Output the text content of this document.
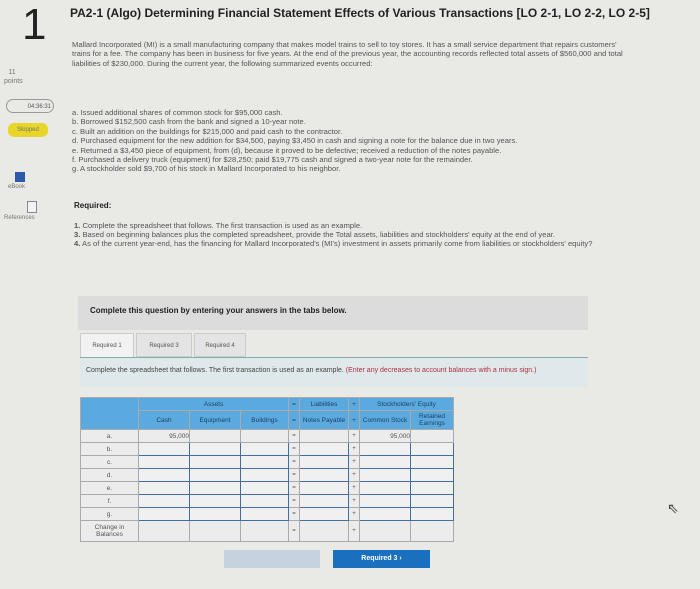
1
11
points
04:36:31
Skipped
eBook
References
PA2-1 (Algo) Determining Financial Statement Effects of Various Transactions [LO 2-1, LO 2-2, LO 2-5]
Mallard Incorporated (MI) is a small manufacturing company that makes model trains to sell to toy stores. It has a small service department that repairs customers' trains for a fee. The company has been in business for five years. At the end of the previous year, the accounting records reflected total assets of $560,000 and total liabilities of $230,000. During the current year, the following summarized events occurred:
a. Issued additional shares of common stock for $95,000 cash.
b. Borrowed $152,500 cash from the bank and signed a 10-year note.
c. Built an addition on the buildings for $215,000 and paid cash to the contractor.
d. Purchased equipment for the new addition for $34,500, paying $3,450 in cash and signing a note for the balance due in two years.
e. Returned a $3,450 piece of equipment, from (d), because it proved to be defective; received a reduction of the notes payable.
f. Purchased a delivery truck (equipment) for $28,250; paid $19,775 cash and signed a two-year note for the remainder.
g. A stockholder sold $9,700 of his stock in Mallard Incorporated to his neighbor.
Required:
1. Complete the spreadsheet that follows. The first transaction is used as an example.
3. Based on beginning balances plus the completed spreadsheet, provide the Total assets, liabilities and stockholders' equity at the end of year.
4. As of the current year-end, has the financing for Mallard Incorporated's (MI's) investment in assets primarily come from liabilities or stockholders' equity?
Complete this question by entering your answers in the tabs below.
Required 1	Required 3	Required 4
Complete the spreadsheet that follows. The first transaction is used as an example. (Enter any decreases to account balances with a minus sign.)
	Assets			=	Liabilities	+	Stockholders' Equity	
	Cash	Equipment	Buildings	=	Notes Payable	+	Common Stock	Retained Earnings
a.	95,000			=		+	95,000	
b.				=		+		
c.				=		+		
d.				=		+		
e.				=		+		
f.				=		+		
g.				=		+		
Change in Balances				=		+		
Required 3 ›
⇖
